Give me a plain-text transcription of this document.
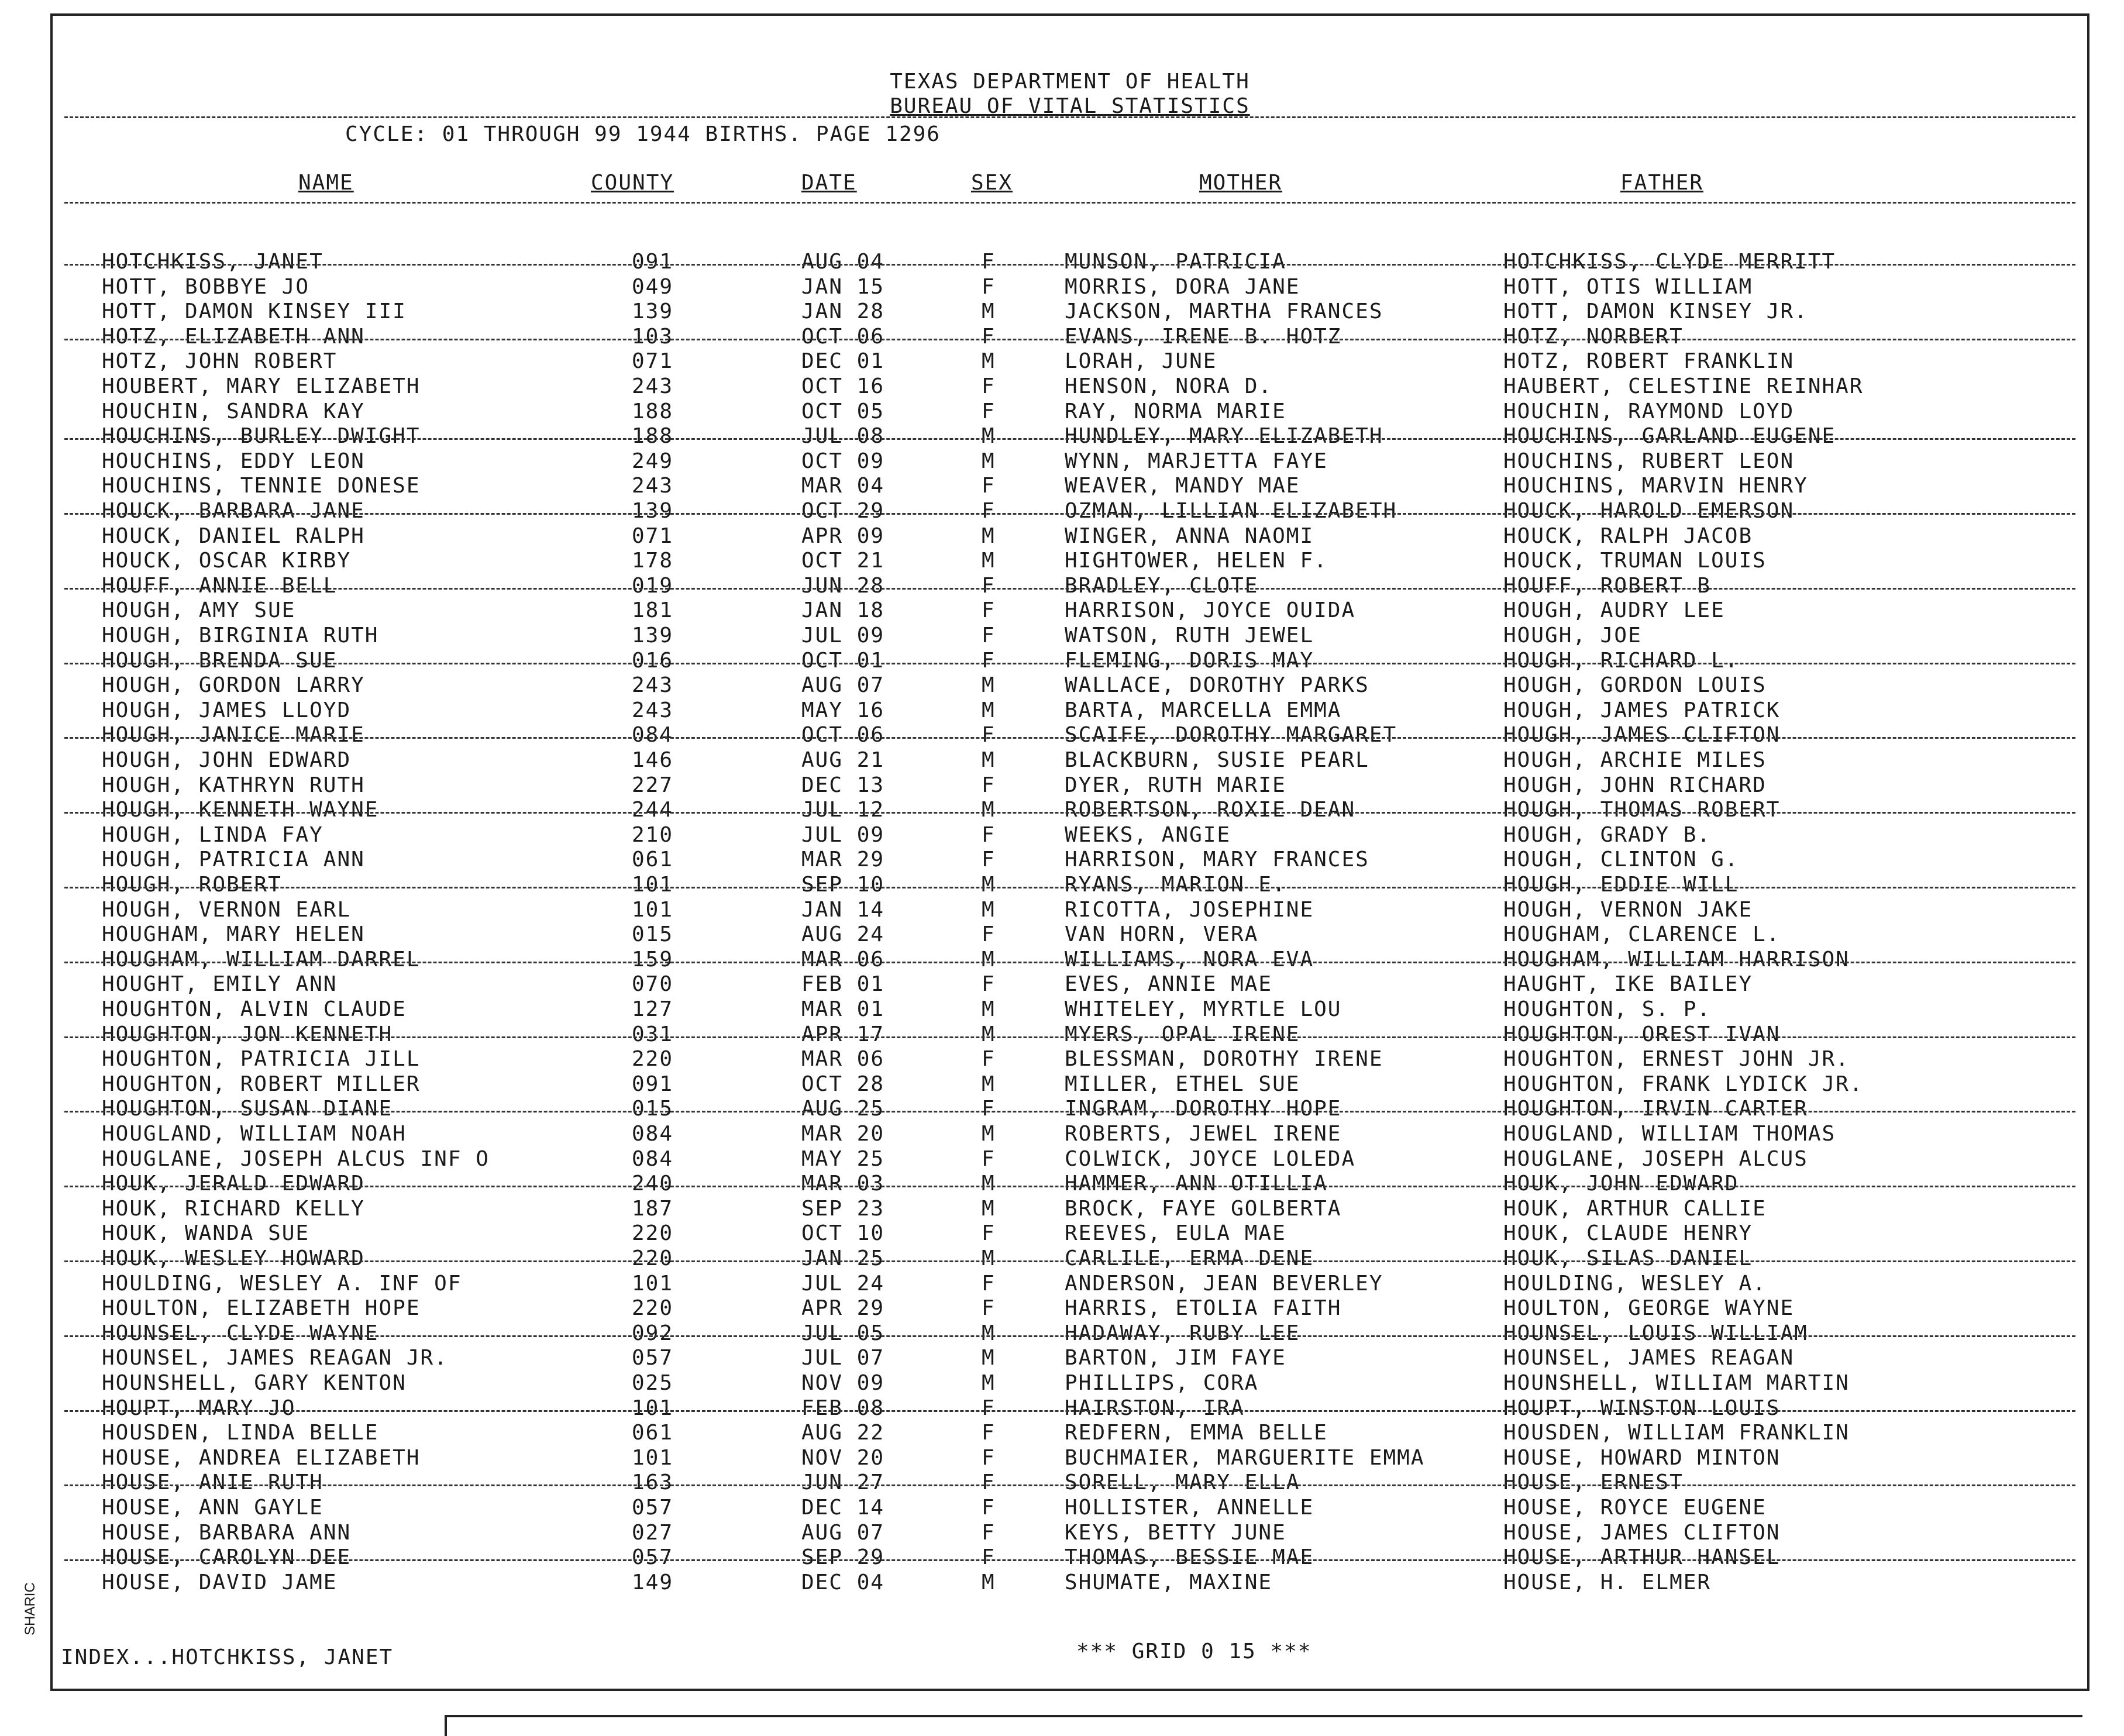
TEXAS DEPARTMENT OF HEALTH
BUREAU OF VITAL STATISTICS
CYCLE: 01 THROUGH 99 1944 BIRTHS. PAGE 1296
NAME	COUNTY	DATE	SEX	MOTHER	FATHER
HOTCHKISS, JANET	091	AUG 04	F	MUNSON, PATRICIA	HOTCHKISS, CLYDE MERRITT
HOTT, BOBBYE JO	049	JAN 15	F	MORRIS, DORA JANE	HOTT, OTIS WILLIAM
HOTT, DAMON KINSEY III	139	JAN 28	M	JACKSON, MARTHA FRANCES	HOTT, DAMON KINSEY JR.
HOTZ, ELIZABETH ANN	103	OCT 06	F	EVANS, IRENE B. HOTZ	HOTZ, NORBERT
HOTZ, JOHN ROBERT	071	DEC 01	M	LORAH, JUNE	HOTZ, ROBERT FRANKLIN
HOUBERT, MARY ELIZABETH	243	OCT 16	F	HENSON, NORA D.	HAUBERT, CELESTINE REINHAR
HOUCHIN, SANDRA KAY	188	OCT 05	F	RAY, NORMA MARIE	HOUCHIN, RAYMOND LOYD
HOUCHINS, BURLEY DWIGHT	188	JUL 08	M	HUNDLEY, MARY ELIZABETH	HOUCHINS, GARLAND EUGENE
HOUCHINS, EDDY LEON	249	OCT 09	M	WYNN, MARJETTA FAYE	HOUCHINS, RUBERT LEON
HOUCHINS, TENNIE DONESE	243	MAR 04	F	WEAVER, MANDY MAE	HOUCHINS, MARVIN HENRY
HOUCK, BARBARA JANE	139	OCT 29	F	OZMAN, LILLIAN ELIZABETH	HOUCK, HAROLD EMERSON
HOUCK, DANIEL RALPH	071	APR 09	M	WINGER, ANNA NAOMI	HOUCK, RALPH JACOB
HOUCK, OSCAR KIRBY	178	OCT 21	M	HIGHTOWER, HELEN F.	HOUCK, TRUMAN LOUIS
HOUFF, ANNIE BELL	019	JUN 28	F	BRADLEY, CLOTE	HOUFF, ROBERT B
HOUGH, AMY SUE	181	JAN 18	F	HARRISON, JOYCE OUIDA	HOUGH, AUDRY LEE
HOUGH, BIRGINIA RUTH	139	JUL 09	F	WATSON, RUTH JEWEL	HOUGH, JOE
HOUGH, BRENDA SUE	016	OCT 01	F	FLEMING, DORIS MAY	HOUGH, RICHARD L.
HOUGH, GORDON LARRY	243	AUG 07	M	WALLACE, DOROTHY PARKS	HOUGH, GORDON LOUIS
HOUGH, JAMES LLOYD	243	MAY 16	M	BARTA, MARCELLA EMMA	HOUGH, JAMES PATRICK
HOUGH, JANICE MARIE	084	OCT 06	F	SCAIFE, DOROTHY MARGARET	HOUGH, JAMES CLIFTON
HOUGH, JOHN EDWARD	146	AUG 21	M	BLACKBURN, SUSIE PEARL	HOUGH, ARCHIE MILES
HOUGH, KATHRYN RUTH	227	DEC 13	F	DYER, RUTH MARIE	HOUGH, JOHN RICHARD
HOUGH, KENNETH WAYNE	244	JUL 12	M	ROBERTSON, ROXIE DEAN	HOUGH, THOMAS ROBERT
HOUGH, LINDA FAY	210	JUL 09	F	WEEKS, ANGIE	HOUGH, GRADY B.
HOUGH, PATRICIA ANN	061	MAR 29	F	HARRISON, MARY FRANCES	HOUGH, CLINTON G.
HOUGH, ROBERT	101	SEP 10	M	RYANS, MARION E.	HOUGH, EDDIE WILL
HOUGH, VERNON EARL	101	JAN 14	M	RICOTTA, JOSEPHINE	HOUGH, VERNON JAKE
HOUGHAM, MARY HELEN	015	AUG 24	F	VAN HORN, VERA	HOUGHAM, CLARENCE L.
HOUGHAM, WILLIAM DARREL	159	MAR 06	M	WILLIAMS, NORA EVA	HOUGHAM, WILLIAM HARRISON
HOUGHT, EMILY ANN	070	FEB 01	F	EVES, ANNIE MAE	HAUGHT, IKE BAILEY
HOUGHTON, ALVIN CLAUDE	127	MAR 01	M	WHITELEY, MYRTLE LOU	HOUGHTON, S. P.
HOUGHTON, JON KENNETH	031	APR 17	M	MYERS, OPAL IRENE	HOUGHTON, OREST IVAN
HOUGHTON, PATRICIA JILL	220	MAR 06	F	BLESSMAN, DOROTHY IRENE	HOUGHTON, ERNEST JOHN JR.
HOUGHTON, ROBERT MILLER	091	OCT 28	M	MILLER, ETHEL SUE	HOUGHTON, FRANK LYDICK JR.
HOUGHTON, SUSAN DIANE	015	AUG 25	F	INGRAM, DOROTHY HOPE	HOUGHTON, IRVIN CARTER
HOUGLAND, WILLIAM NOAH	084	MAR 20	M	ROBERTS, JEWEL IRENE	HOUGLAND, WILLIAM THOMAS
HOUGLANE, JOSEPH ALCUS INF O	084	MAY 25	F	COLWICK, JOYCE LOLEDA	HOUGLANE, JOSEPH ALCUS
HOUK, JERALD EDWARD	240	MAR 03	M	HAMMER, ANN OTILLIA	HOUK, JOHN EDWARD
HOUK, RICHARD KELLY	187	SEP 23	M	BROCK, FAYE GOLBERTA	HOUK, ARTHUR CALLIE
HOUK, WANDA SUE	220	OCT 10	F	REEVES, EULA MAE	HOUK, CLAUDE HENRY
HOUK, WESLEY HOWARD	220	JAN 25	M	CARLILE, ERMA DENE	HOUK, SILAS DANIEL
HOULDING, WESLEY A. INF OF	101	JUL 24	F	ANDERSON, JEAN BEVERLEY	HOULDING, WESLEY A.
HOULTON, ELIZABETH HOPE	220	APR 29	F	HARRIS, ETOLIA FAITH	HOULTON, GEORGE WAYNE
HOUNSEL, CLYDE WAYNE	092	JUL 05	M	HADAWAY, RUBY LEE	HOUNSEL, LOUIS WILLIAM
HOUNSEL, JAMES REAGAN JR.	057	JUL 07	M	BARTON, JIM FAYE	HOUNSEL, JAMES REAGAN
HOUNSHELL, GARY KENTON	025	NOV 09	M	PHILLIPS, CORA	HOUNSHELL, WILLIAM MARTIN
HOUPT, MARY JO	101	FEB 08	F	HAIRSTON, IRA	HOUPT, WINSTON LOUIS
HOUSDEN, LINDA BELLE	061	AUG 22	F	REDFERN, EMMA BELLE	HOUSDEN, WILLIAM FRANKLIN
HOUSE, ANDREA ELIZABETH	101	NOV 20	F	BUCHMAIER, MARGUERITE EMMA	HOUSE, HOWARD MINTON
HOUSE, ANIE RUTH	163	JUN 27	F	SORELL, MARY ELLA	HOUSE, ERNEST
HOUSE, ANN GAYLE	057	DEC 14	F	HOLLISTER, ANNELLE	HOUSE, ROYCE EUGENE
HOUSE, BARBARA ANN	027	AUG 07	F	KEYS, BETTY JUNE	HOUSE, JAMES CLIFTON
HOUSE, CAROLYN DEE	057	SEP 29	F	THOMAS, BESSIE MAE	HOUSE, ARTHUR HANSEL
HOUSE, DAVID JAME	149	DEC 04	M	SHUMATE, MAXINE	HOUSE, H. ELMER
INDEX...HOTCHKISS, JANET	*** GRID 0 15 ***
SHARIC
